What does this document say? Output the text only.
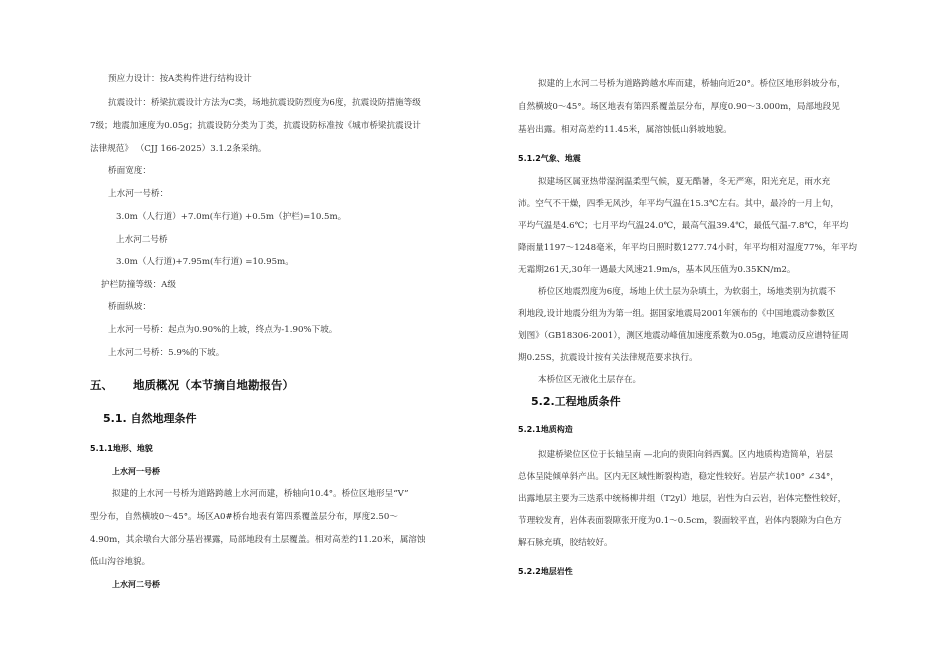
预应力设计：按A类构件进行结构设计
抗震设计：桥梁抗震设计方法为C类，场地抗震设防烈度为6度，抗震设防措施等级
7级；地震加速度为0.05g；抗震设防分类为丁类，抗震设防标准按《城市桥梁抗震设计
法律规范》 （CJJ 166-2025）3.1.2条采纳。
桥面宽度：
上水河一号桥：
3.0m（人行道）+7.0m(车行道) +0.5m（护栏)=10.5m。
上水河二号桥
3.0m（人行道)+7.95m(车行道) =10.95m。
护栏防撞等级：A级
桥面纵坡：
上水河一号桥：起点为0.90%的上坡，终点为-1.90%下坡。
上水河二号桥：5.9%的下坡。
五、 地质概况（本节摘自地勘报告）
5.1. 自然地理条件
5.1.1地形、地貌
上水河一号桥
拟建的上水河一号桥为道路跨越上水河而建，桥轴向10.4°。桥位区地形呈“V”
型分布，自然横坡0～45°。场区A0#桥台地表有第四系覆盖层分布，厚度2.50～
4.90m，其余墩台大部分基岩裸露，局部地段有土层覆盖。相对高差约11.20米，属溶蚀
低山沟谷地貌。
上水河二号桥
拟建的上水河二号桥为道路跨越水库而建，桥轴向近20°。桥位区地形斜坡分布，
自然横坡0～45°。场区地表有第四系覆盖层分布，厚度0.90～3.000m，局部地段见
基岩出露。相对高差约11.45米，属溶蚀低山斜坡地貌。
5.1.2气象、地震
拟建场区属亚热带湿润温柔型气候，夏无酷暑，冬无严寒，阳光充足，雨水充
沛。空气不干燥，四季无风沙，年平均气温在15.3℃左右。其中，最冷的一月上旬，
平均气温是4.6℃；七月平均气温24.0℃，最高气温39.4℃，最低气温-7.8℃，年平均
降雨量1197～1248毫米，年平均日照时数1277.74小时，年平均相对湿度77%，年平均
无霜期261天,30年一遇最大风速21.9m/s，基本风压值为0.35KN/m2。
桥位区地震烈度为6度，场地上伏土层为杂填土，为软弱土，场地类别为抗震不
利地段,设计地震分组为为第一组。据国家地震局2001年颁布的《中国地震动参数区
划图》（GB18306-2001），测区地震动峰值加速度系数为0.05g，地震动反应谱特征周
期0.25S，抗震设计按有关法律规范要求执行。
本桥位区无液化土层存在。
5.2.工程地质条件
5.2.1地质构造
拟建桥梁位区位于长轴呈南 —北向的贵阳向斜西翼。区内地质构造简单，岩层
总体呈陡倾单斜产出。区内无区域性断裂构造，稳定性较好。岩层产状100° ∠34°，
出露地层主要为三迭系中统杨柳井组（T2yl）地层，岩性为白云岩，岩体完整性较好，
节理较发育，岩体表面裂隙张开度为0.1～0.5cm，裂面较平直，岩体内裂隙为白色方
解石脉充填，胶结较好。
5.2.2地层岩性
